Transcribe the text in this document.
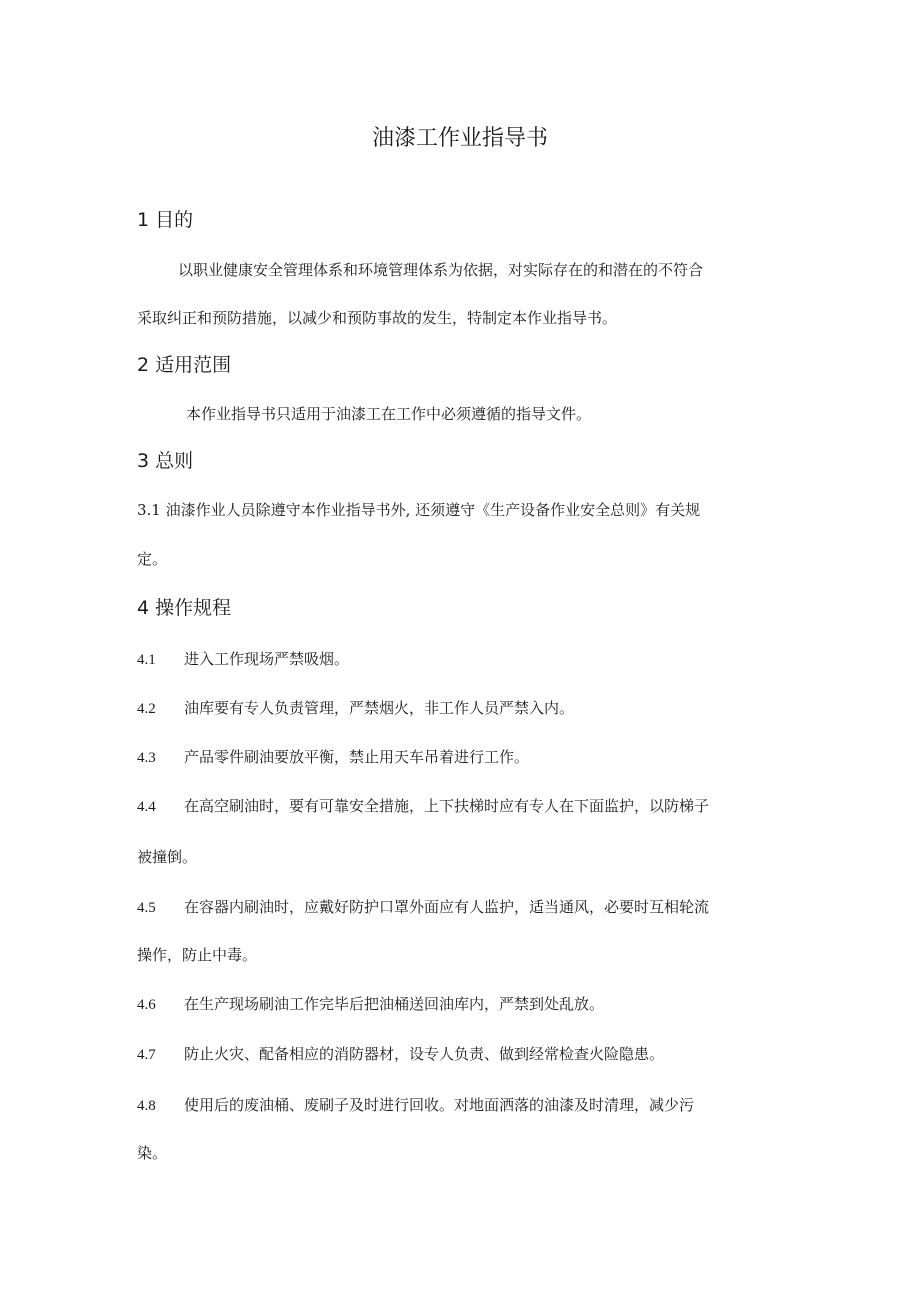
油漆工作业指导书
1 目的

以职业健康安全管理体系和环境管理体系为依据，对实际存在的和潜在的不符合

采取纠正和预防措施，以减少和预防事故的发生，特制定本作业指导书。

2 适用范围

本作业指导书只适用于油漆工在工作中必须遵循的指导文件。

3 总则

3.1 油漆作业人员除遵守本作业指导书外, 还须遵守《生产设备作业安全总则》有关规

定。

4 操作规程

4.1 进入工作现场严禁吸烟。

4.2 油库要有专人负责管理，严禁烟火，非工作人员严禁入内。

4.3 产品零件刷油要放平衡，禁止用天车吊着进行工作。

4.4 在高空刷油时，要有可靠安全措施，上下扶梯时应有专人在下面监护，以防梯子

被撞倒。

4.5 在容器内刷油时，应戴好防护口罩外面应有人监护，适当通风，必要时互相轮流

操作，防止中毒。

4.6 在生产现场刷油工作完毕后把油桶送回油库内，严禁到处乱放。

4.7 防止火灾、配备相应的消防器材，设专人负责、做到经常检查火险隐患。

4.8 使用后的废油桶、废刷子及时进行回收。对地面洒落的油漆及时清理，减少污

染。
